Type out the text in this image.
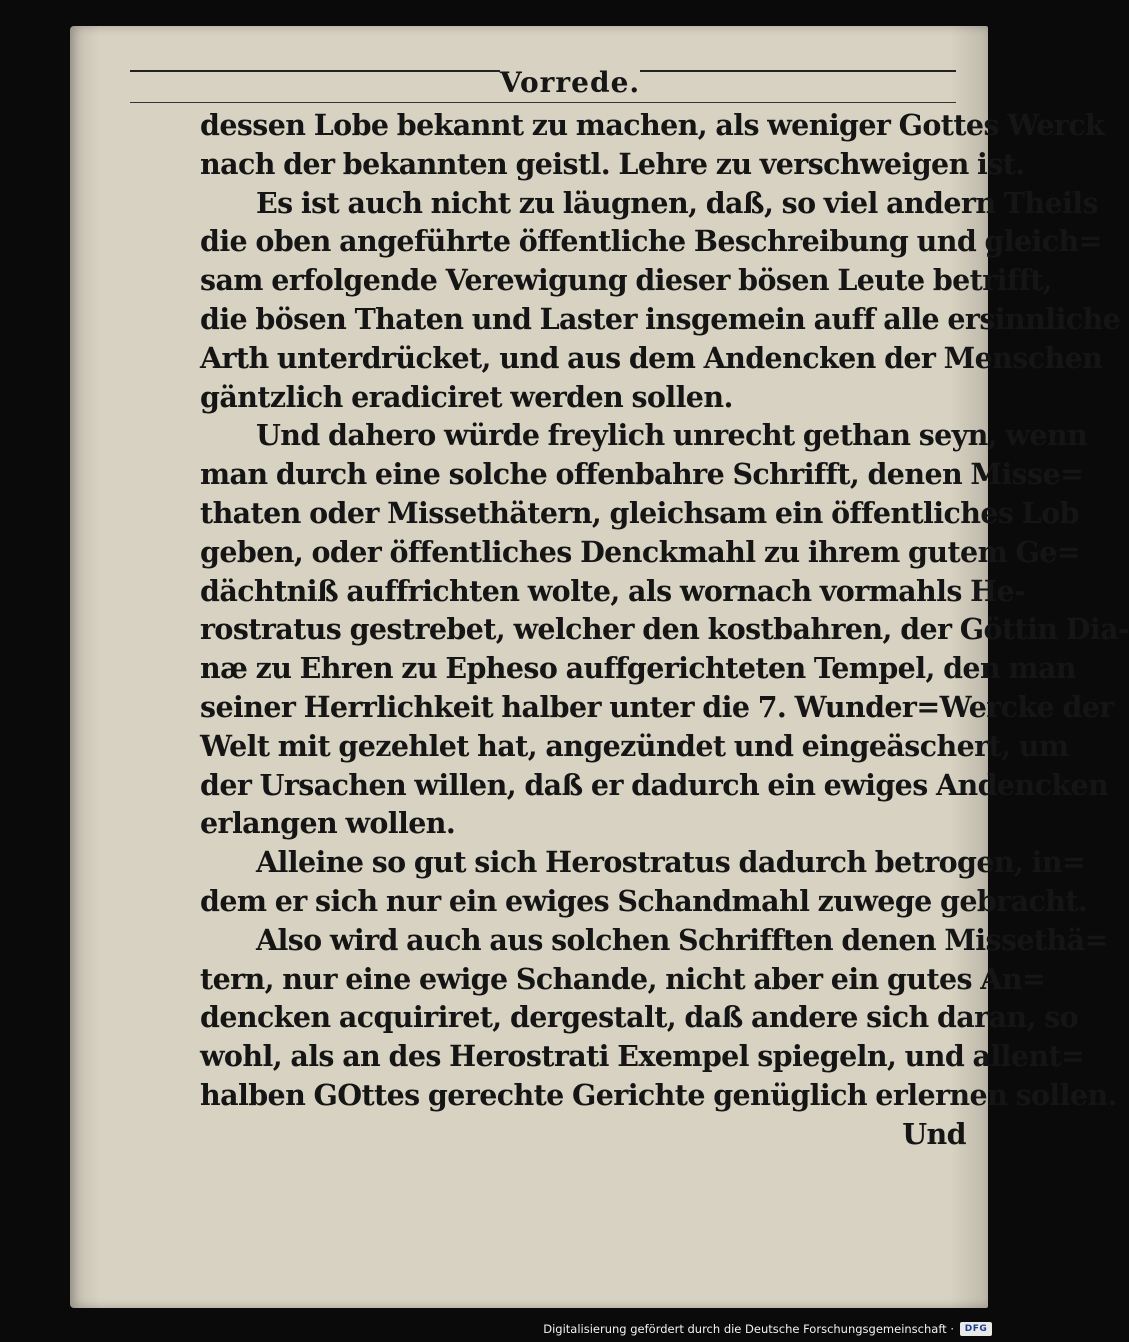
Vorrede.
dessen Lobe bekannt zu machen, als weniger Gottes Werck
nach der bekannten geistl. Lehre zu verschweigen ist.
Es ist auch nicht zu läugnen, daß, so viel andern Theils
die oben angeführte öffentliche Beschreibung und gleich=
sam erfolgende Verewigung dieser bösen Leute betrifft,
die bösen Thaten und Laster insgemein auff alle ersinnliche
Arth unterdrücket, und aus dem Andencken der Menschen
gäntzlich eradiciret werden sollen.
Und dahero würde freylich unrecht gethan seyn, wenn
man durch eine solche offenbahre Schrifft, denen Misse=
thaten oder Missethätern, gleichsam ein öffentliches Lob
geben, oder öffentliches Denckmahl zu ihrem gutem Ge=
dächtniß auffrichten wolte, als wornach vormahls He-
rostratus gestrebet, welcher den kostbahren, der Göttin Dia-
næ zu Ehren zu Epheso auffgerichteten Tempel, den man
seiner Herrlichkeit halber unter die 7. Wunder=Wercke der
Welt mit gezehlet hat, angezündet und eingeäschert, um
der Ursachen willen, daß er dadurch ein ewiges Andencken
erlangen wollen.
Alleine so gut sich Herostratus dadurch betrogen, in=
dem er sich nur ein ewiges Schandmahl zuwege gebracht.
Also wird auch aus solchen Schrifften denen Missethä=
tern, nur eine ewige Schande, nicht aber ein gutes An=
dencken acquiriret, dergestalt, daß andere sich daran, so
wohl, als an des Herostrati Exempel spiegeln, und allent=
halben GOttes gerechte Gerichte genüglich erlernen sollen.
Und
Digitalisierung gefördert durch die Deutsche Forschungsgemeinschaft ·	DFG
